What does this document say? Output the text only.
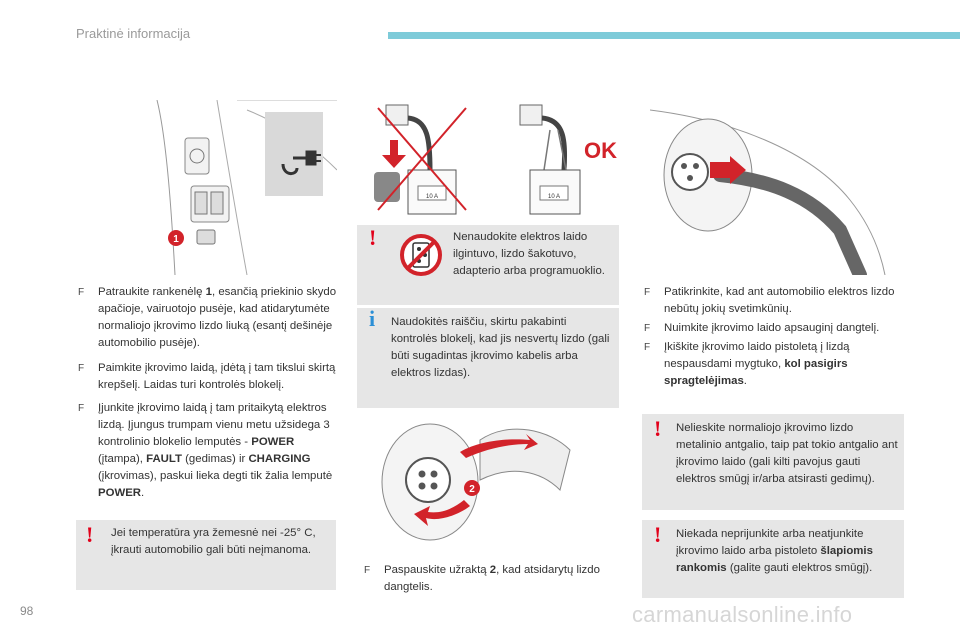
Praktinė informacija
1
OK
10 A	10 A
F Patraukite rankenėlę 1, esančią priekinio skydo apačioje, vairuotojo pusėje, kad atidarytumėte normaliojo įkrovimo lizdo liuką (esantį dešinėje automobilio pusėje).
F Paimkite įkrovimo laidą, įdėtą į tam tikslui skirtą krepšelį. Laidas turi kontrolės blokelį.
F Įjunkite įkrovimo laidą į tam pritaikytą elektros lizdą. Įjungus trumpam vienu metu užsidega 3 kontrolinio blokelio lemputės - POWER (įtampa), FAULT (gedimas) ir CHARGING (įkrovimas), paskui lieka degti tik žalia lemputė POWER.
! Jei temperatūra yra žemesnė nei -25° C, įkrauti automobilio gali būti neįmanoma.
!	Nenaudokite elektros laido ilgintuvo, lizdo šakotuvo, adapterio arba programuoklio.
i Naudokitės raiščiu, skirtu pakabinti kontrolės blokelį, kad jis nesvertų lizdo (gali būti sugadintas įkrovimo kabelis arba elektros lizdas).
2
F Paspauskite užraktą 2, kad atsidarytų lizdo dangtelis.
F Patikrinkite, kad ant automobilio elektros lizdo nebūtų jokių svetimkūnių.
F Nuimkite įkrovimo laido apsauginį dangtelį.
F Įkiškite įkrovimo laido pistoletą į lizdą nespausdami mygtuko, kol pasigirs spragtelėjimas.
! Nelieskite normaliojo įkrovimo lizdo metalinio antgalio, taip pat tokio antgalio ant įkrovimo laido (gali kilti pavojus gauti elektros smūgį ir/arba atsirasti gedimų).
! Niekada neprijunkite arba neatjunkite įkrovimo laido arba pistoleto šlapiomis rankomis (galite gauti elektros smūgį).
98	carmanualsonline.info
